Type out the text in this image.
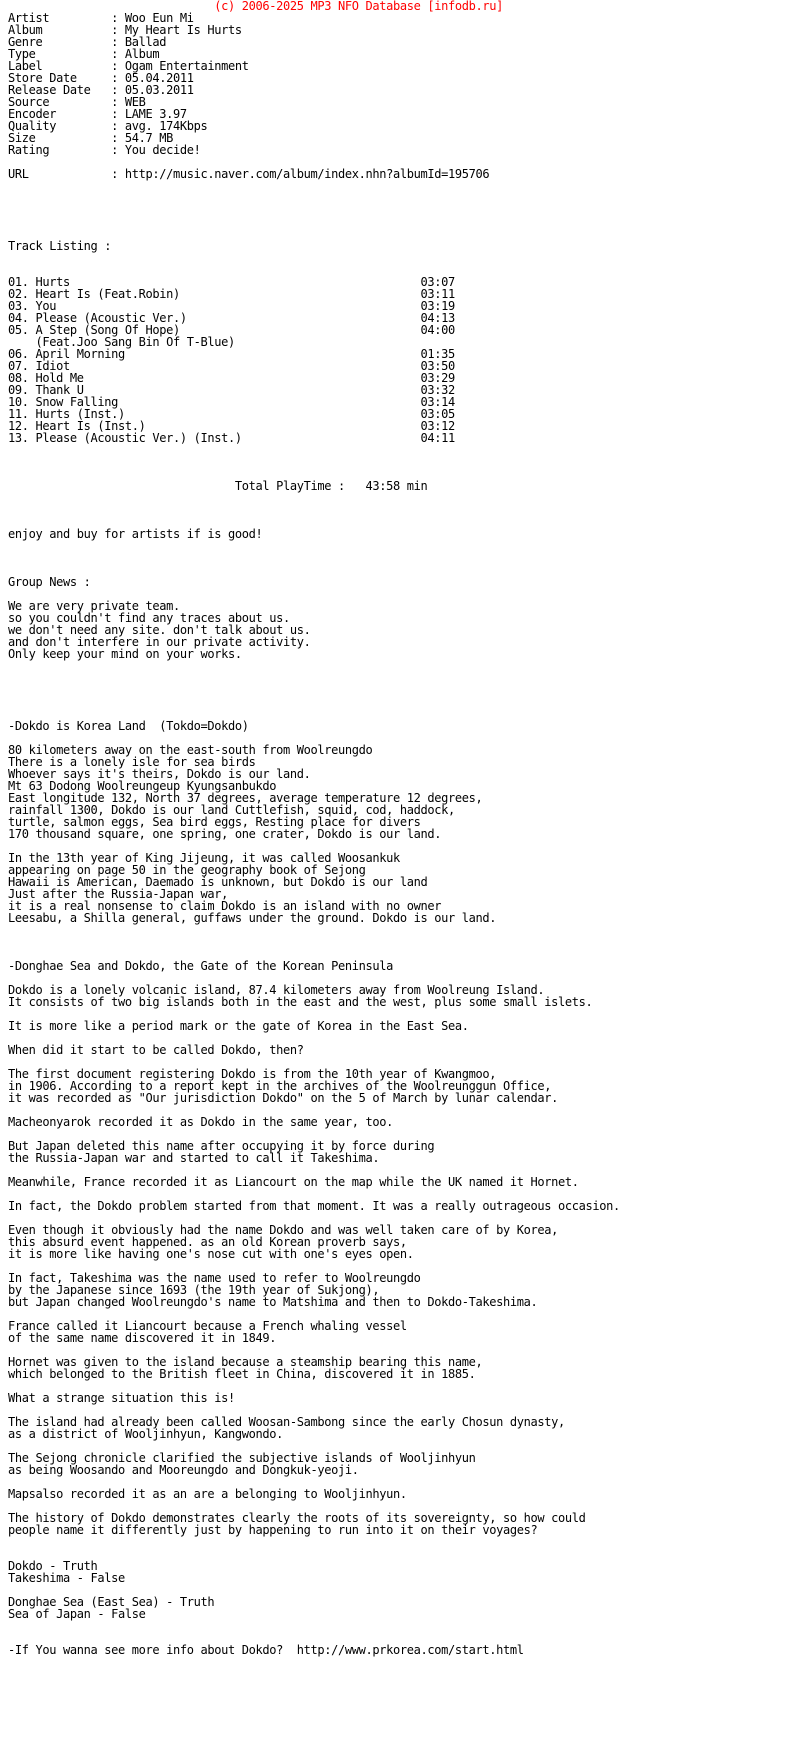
(c) 2006-2025 MP3 NFO Database [infodb.ru]
Artist         : Woo Eun Mi
Album          : My Heart Is Hurts
Genre          : Ballad
Type           : Album
Label          : Ogam Entertainment
Store Date     : 05.04.2011
Release Date   : 05.03.2011
Source         : WEB
Encoder        : LAME 3.97
Quality        : avg. 174Kbps
Size           : 54.7 MB
Rating         : You decide!

URL            : http://music.naver.com/album/index.nhn?albumId=195706

Track Listing :

01. Hurts                                                   03:07
02. Heart Is (Feat.Robin)                                   03:11
03. You                                                     03:19
04. Please (Acoustic Ver.)                                  04:13
05. A Step (Song Of Hope)                                   04:00
(Feat.Joo Sang Bin Of T-Blue)
06. April Morning                                           01:35
07. Idiot                                                   03:50
08. Hold Me                                                 03:29
09. Thank U                                                 03:32
10. Snow Falling                                            03:14
11. Hurts (Inst.)                                           03:05
12. Heart Is (Inst.)                                        03:12
13. Please (Acoustic Ver.) (Inst.)                          04:11

Total PlayTime :   43:58 min

enjoy and buy for artists if is good!

Group News :

We are very private team.
so you couldn't find any traces about us.
we don't need any site. don't talk about us.
and don't interfere in our private activity.
Only keep your mind on your works.

-Dokdo is Korea Land  (Tokdo=Dokdo)

80 kilometers away on the east-south from Woolreungdo
There is a lonely isle for sea birds
Whoever says it's theirs, Dokdo is our land.
Mt 63 Dodong Woolreungeup Kyungsanbukdo
East longitude 132, North 37 degrees, average temperature 12 degrees,
rainfall 1300, Dokdo is our land Cuttlefish, squid, cod, haddock,
turtle, salmon eggs, Sea bird eggs, Resting place for divers
170 thousand square, one spring, one crater, Dokdo is our land.

In the 13th year of King Jijeung, it was called Woosankuk
appearing on page 50 in the geography book of Sejong
Hawaii is American, Daemado is unknown, but Dokdo is our land
Just after the Russia-Japan war,
it is a real nonsense to claim Dokdo is an island with no owner
Leesabu, a Shilla general, guffaws under the ground. Dokdo is our land.

-Donghae Sea and Dokdo, the Gate of the Korean Peninsula

Dokdo is a lonely volcanic island, 87.4 kilometers away from Woolreung Island.
It consists of two big islands both in the east and the west, plus some small islets.

It is more like a period mark or the gate of Korea in the East Sea.

When did it start to be called Dokdo, then?

The first document registering Dokdo is from the 10th year of Kwangmoo,
in 1906. According to a report kept in the archives of the Woolreunggun Office,
it was recorded as "Our jurisdiction Dokdo" on the 5 of March by lunar calendar.

Macheonyarok recorded it as Dokdo in the same year, too.

But Japan deleted this name after occupying it by force during
the Russia-Japan war and started to call it Takeshima.

Meanwhile, France recorded it as Liancourt on the map while the UK named it Hornet.

In fact, the Dokdo problem started from that moment. It was a really outrageous occasion.

Even though it obviously had the name Dokdo and was well taken care of by Korea,
this absurd event happened. as an old Korean proverb says,
it is more like having one's nose cut with one's eyes open.

In fact, Takeshima was the name used to refer to Woolreungdo
by the Japanese since 1693 (the 19th year of Sukjong),
but Japan changed Woolreungdo's name to Matshima and then to Dokdo-Takeshima.

France called it Liancourt because a French whaling vessel
of the same name discovered it in 1849.

Hornet was given to the island because a steamship bearing this name,
which belonged to the British fleet in China, discovered it in 1885.

What a strange situation this is!

The island had already been called Woosan-Sambong since the early Chosun dynasty,
as a district of Wooljinhyun, Kangwondo.

The Sejong chronicle clarified the subjective islands of Wooljinhyun
as being Woosando and Mooreungdo and Dongkuk-yeoji.

Mapsalso recorded it as an are a belonging to Wooljinhyun.

The history of Dokdo demonstrates clearly the roots of its sovereignty, so how could
people name it differently just by happening to run into it on their voyages?

Dokdo - Truth
Takeshima - False

Donghae Sea (East Sea) - Truth
Sea of Japan - False

-If You wanna see more info about Dokdo?  http://www.prkorea.com/start.html
